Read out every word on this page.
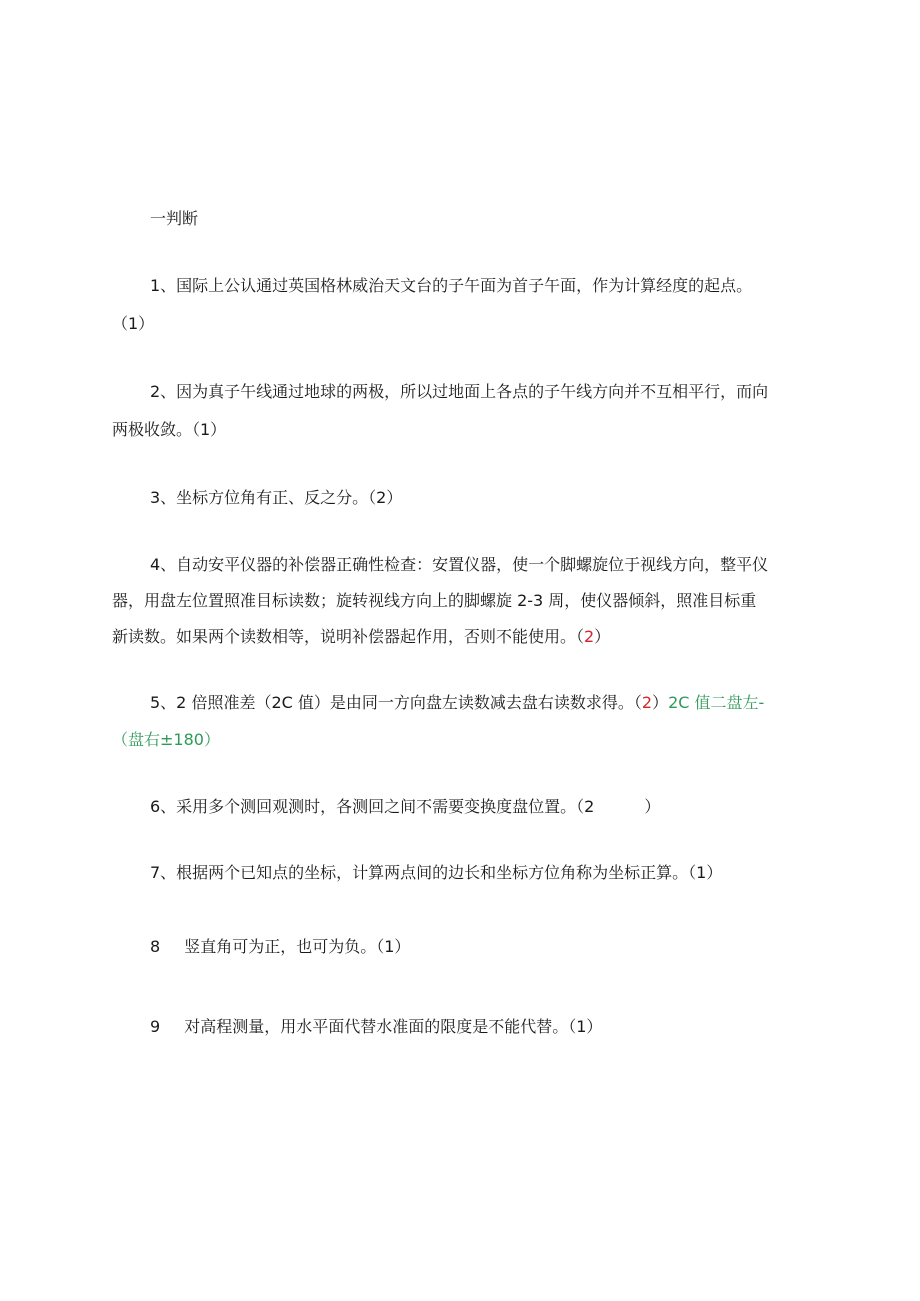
一判断
1、国际上公认通过英国格林威治天文台的子午面为首子午面，作为计算经度的起点。
（1）
2、因为真子午线通过地球的两极，所以过地面上各点的子午线方向并不互相平行，而向
两极收敛。（1）
3、坐标方位角有正、反之分。（2）
4、自动安平仪器的补偿器正确性检查：安置仪器，使一个脚螺旋位于视线方向，整平仪
器，用盘左位置照准目标读数；旋转视线方向上的脚螺旋 2-3 周，使仪器倾斜，照准目标重
新读数。如果两个读数相等，说明补偿器起作用，否则不能使用。（2）
5、2 倍照准差（2C 值）是由同一方向盘左读数减去盘右读数求得。（2）2C 值二盘左-
（盘右±180）
6、采用多个测回观测时，各测回之间不需要变换度盘位置。（2	）
7、根据两个已知点的坐标，计算两点间的边长和坐标方位角称为坐标正算。（1）
8 竖直角可为正，也可为负。（1）
9 对高程测量，用水平面代替水准面的限度是不能代替。（1）
